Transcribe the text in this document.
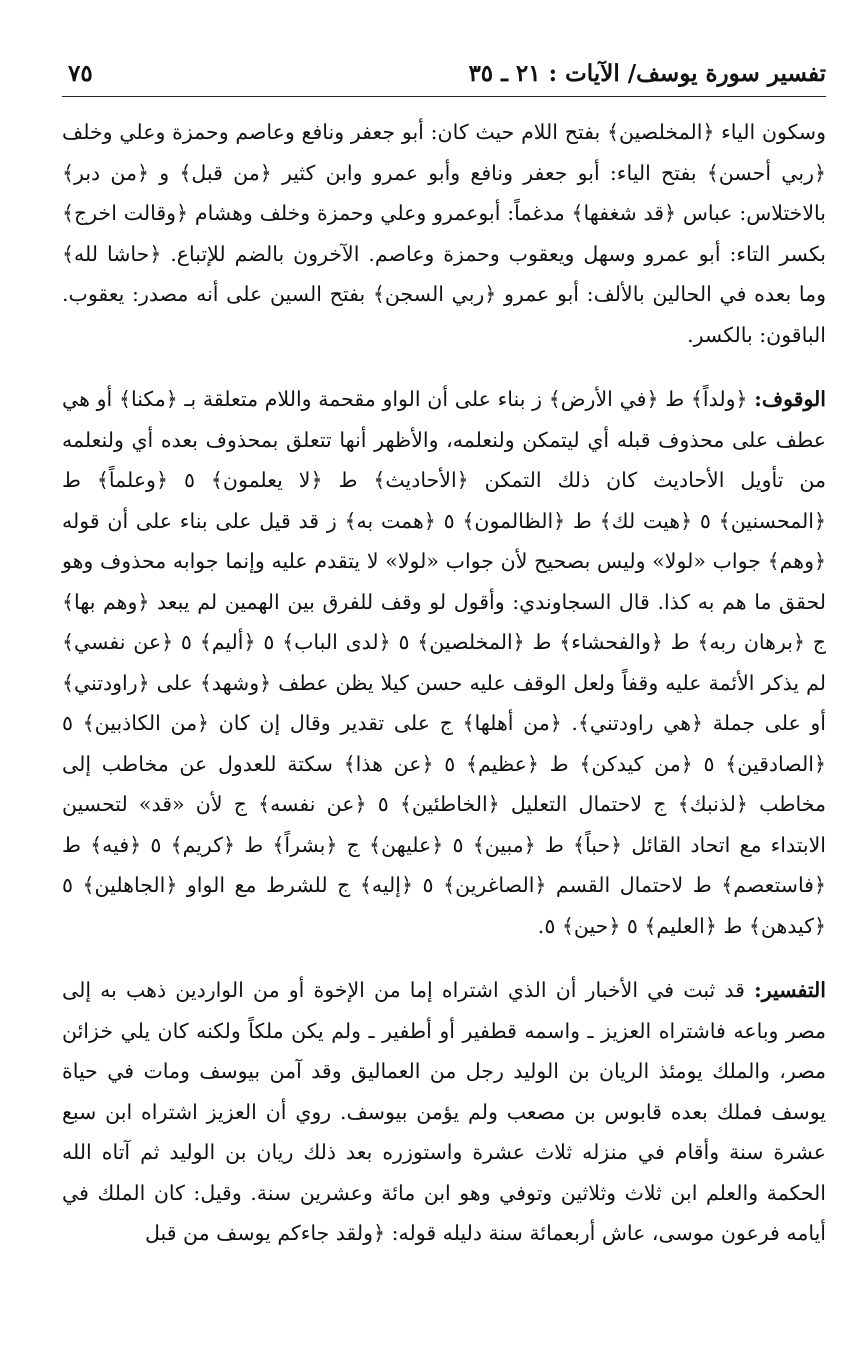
تفسير سورة يوسف/ الآيات : ٢١ ـ ٣٥
٧٥

وسكون الياء ﴿المخلصين﴾ بفتح اللام حيث كان: أبو جعفر ونافع وعاصم وحمزة وعلي وخلف ﴿ربي أحسن﴾ بفتح الياء: أبو جعفر ونافع وأبو عمرو وابن كثير ﴿من قبل﴾ و ﴿من دبر﴾ بالاختلاس: عباس ﴿قد شغفها﴾ مدغماً: أبوعمرو وعلي وحمزة وخلف وهشام ﴿وقالت اخرج﴾ بكسر التاء: أبو عمرو وسهل ويعقوب وحمزة وعاصم. الآخرون بالضم للإتباع. ﴿حاشا لله﴾ وما بعده في الحالين بالألف: أبو عمرو ﴿ربي السجن﴾ بفتح السين على أنه مصدر: يعقوب. الباقون: بالكسر.

الوقوف: ﴿ولداً﴾ ط ﴿في الأرض﴾ ز بناء على أن الواو مقحمة واللام متعلقة بـ ﴿مكنا﴾ أو هي عطف على محذوف قبله أي ليتمكن ولنعلمه، والأظهر أنها تتعلق بمحذوف بعده أي ولنعلمه من تأويل الأحاديث كان ذلك التمكن ﴿الأحاديث﴾ ط ﴿لا يعلمون﴾ ٥ ﴿وعلماً﴾ ط ﴿المحسنين﴾ ٥ ﴿هيت لك﴾ ط ﴿الظالمون﴾ ٥ ﴿همت به﴾ ز قد قيل على بناء على أن قوله ﴿وهم﴾ جواب «لولا» وليس بصحيح لأن جواب «لولا» لا يتقدم عليه وإنما جوابه محذوف وهو لحقق ما هم به كذا. قال السجاوندي: وأقول لو وقف للفرق بين الهمين لم يبعد ﴿وهم بها﴾ ج ﴿برهان ربه﴾ ط ﴿والفحشاء﴾ ط ﴿المخلصين﴾ ٥ ﴿لدى الباب﴾ ٥ ﴿أليم﴾ ٥ ﴿عن نفسي﴾ لم يذكر الأئمة عليه وقفاً ولعل الوقف عليه حسن كيلا يظن عطف ﴿وشهد﴾ على ﴿راودتني﴾ أو على جملة ﴿هي راودتني﴾. ﴿من أهلها﴾ ج على تقدير وقال إن كان ﴿من الكاذبين﴾ ٥ ﴿الصادقين﴾ ٥ ﴿من كيدكن﴾ ط ﴿عظيم﴾ ٥ ﴿عن هذا﴾ سكتة للعدول عن مخاطب إلى مخاطب ﴿لذنبك﴾ ج لاحتمال التعليل ﴿الخاطئين﴾ ٥ ﴿عن نفسه﴾ ج لأن «قد» لتحسين الابتداء مع اتحاد القائل ﴿حباً﴾ ط ﴿مبين﴾ ٥ ﴿عليهن﴾ ج ﴿بشراً﴾ ط ﴿كريم﴾ ٥ ﴿فيه﴾ ط ﴿فاستعصم﴾ ط لاحتمال القسم ﴿الصاغرين﴾ ٥ ﴿إليه﴾ ج للشرط مع الواو ﴿الجاهلين﴾ ٥ ﴿كيدهن﴾ ط ﴿العليم﴾ ٥ ﴿حين﴾ ٥.

التفسير: قد ثبت في الأخبار أن الذي اشتراه إما من الإخوة أو من الواردين ذهب به إلى مصر وباعه فاشتراه العزيز ـ واسمه قطفير أو أطفير ـ ولم يكن ملكاً ولكنه كان يلي خزائن مصر، والملك يومئذ الريان بن الوليد رجل من العماليق وقد آمن بيوسف ومات في حياة يوسف فملك بعده قابوس بن مصعب ولم يؤمن بيوسف. روي أن العزيز اشتراه ابن سبع عشرة سنة وأقام في منزله ثلاث عشرة واستوزره بعد ذلك ريان بن الوليد ثم آتاه الله الحكمة والعلم ابن ثلاث وثلاثين وتوفي وهو ابن مائة وعشرين سنة. وقيل: كان الملك في أيامه فرعون موسى، عاش أربعمائة سنة دليله قوله: ﴿ولقد جاءكم يوسف من قبل
